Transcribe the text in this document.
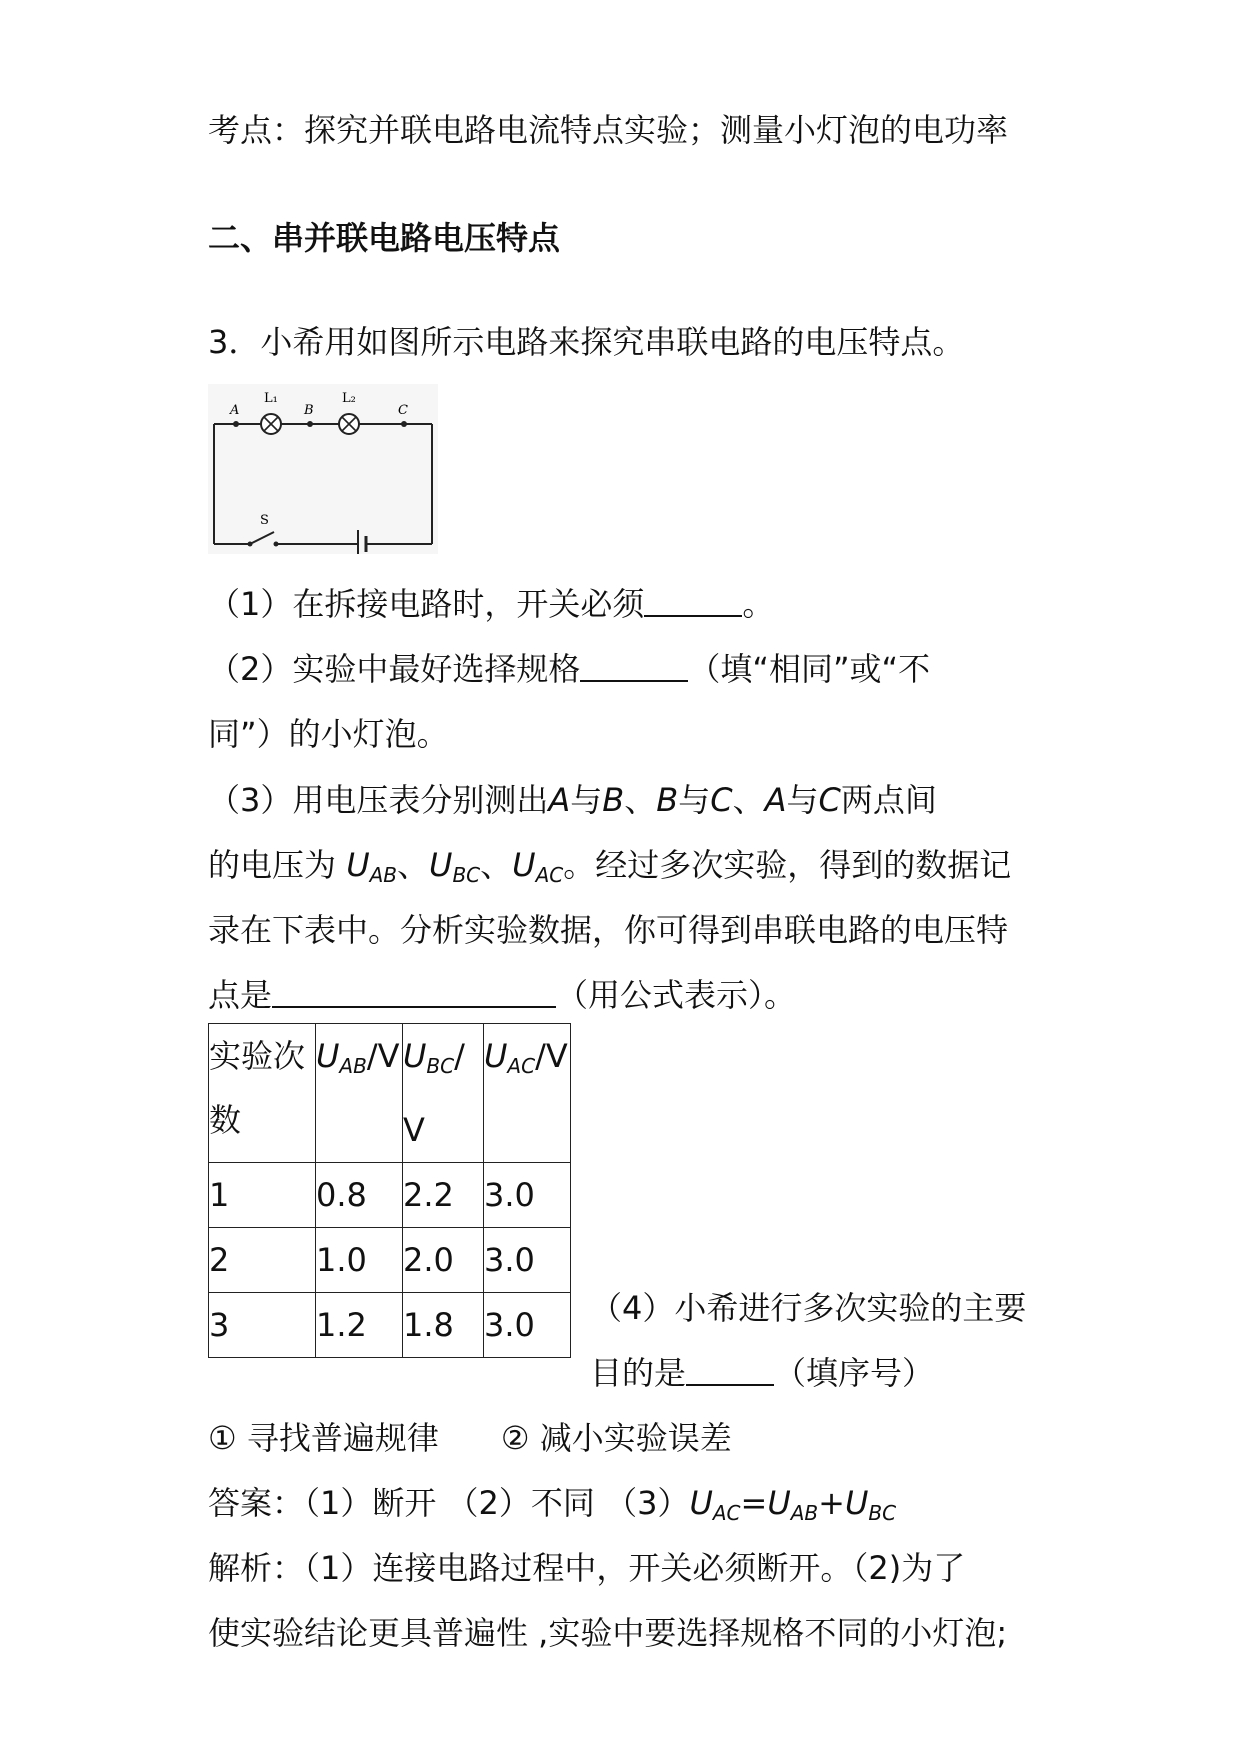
考点：探究并联电路电流特点实验；测量小灯泡的电功率
二、串并联电路电压特点
3．小希用如图所示电路来探究串联电路的电压特点。
A	B	C
L₁	L₂
S
（1）在拆接电路时，开关必须	。
（2）实验中最好选择规格	（填“相同”或“不
同”）的小灯泡。
（3）用电压表分别测出A与B、B与C、A与C两点间
的电压为 $U_{AB}$、$U_{BC}$、$U_{AC}$。经过多次实验，得到的数据记
录在下表中。分析实验数据，你可得到串联电路的电压特
点是	（用公式表示）。
实验次数	$U_{AB}/V$	$U_{BC}/V$	$U_{AC}/V$
1	0.8	2.2	3.0
2	1.0	2.0	3.0
3	1.2	1.8	3.0 （4）小希进行多次实验的主要
目的是	（填序号）
① 寻找普遍规律 ② 减小实验误差
答案：（1）断开 （2）不同 $(3)U_{AC}=U_{AB}+U_{BC}$
解析：（1）连接电路过程中，开关必须断开。（2)为了
使实验结论更具普遍性 ,实验中要选择规格不同的小灯泡;
